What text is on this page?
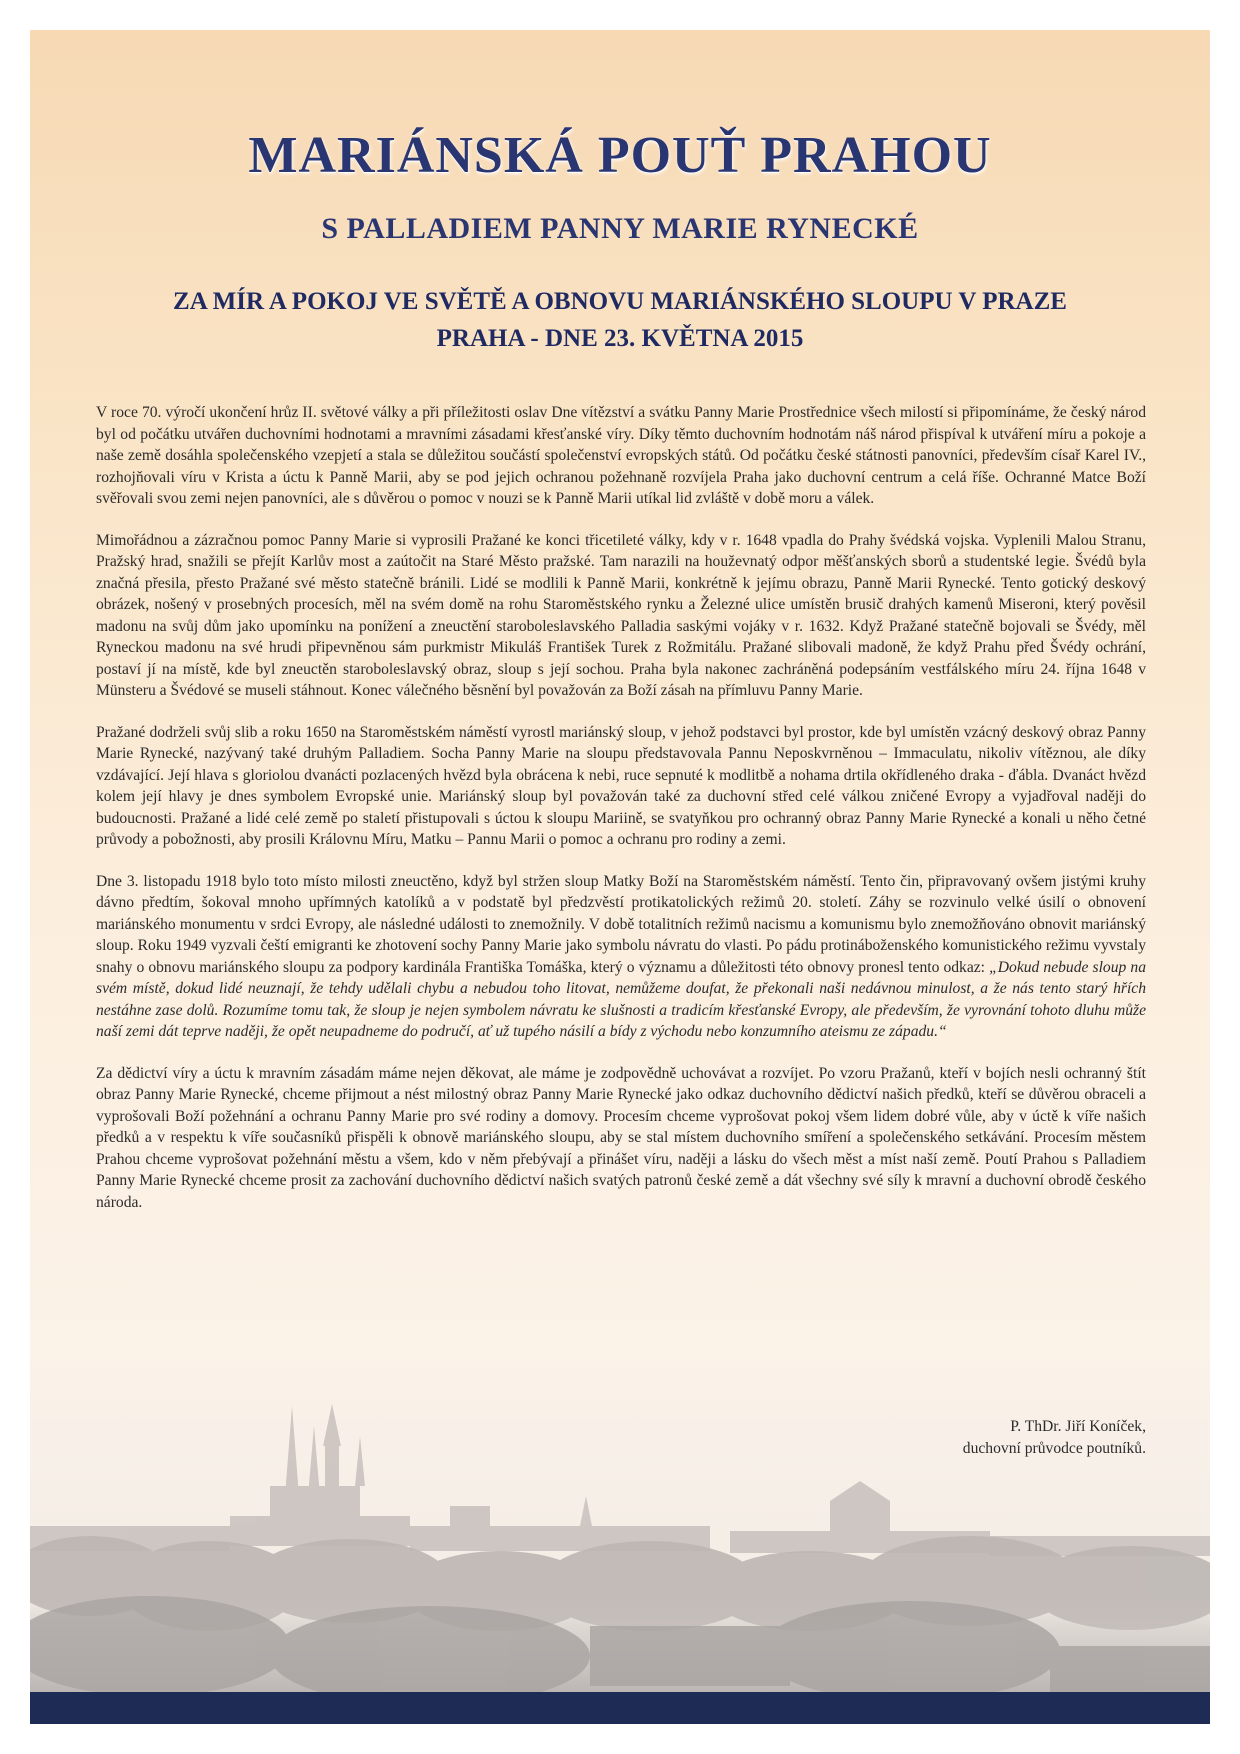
MARIÁNSKÁ POUŤ PRAHOU
S PALLADIEM PANNY MARIE RYNECKÉ
ZA MÍR A POKOJ VE SVĚTĚ A OBNOVU MARIÁNSKÉHO SLOUPU V PRAZE
PRAHA - DNE 23. KVĚTNA 2015

V roce 70. výročí ukončení hrůz II. světové války a při příležitosti oslav Dne vítězství a svátku Panny Marie Prostřednice všech milostí si připomínáme, že český národ byl od počátku utvářen duchovními hodnotami a mravními zásadami křesťanské víry. Díky těmto duchovním hodnotám náš národ přispíval k utváření míru a pokoje a naše země dosáhla společenského vzepjetí a stala se důležitou součástí společenství evropských států. Od počátku české státnosti panovníci, především císař Karel IV., rozhojňovali víru v Krista a úctu k Panně Marii, aby se pod jejich ochranou požehnaně rozvíjela Praha jako duchovní centrum a celá říše. Ochranné Matce Boží svěřovali svou zemi nejen panovníci, ale s důvěrou o pomoc v nouzi se k Panně Marii utíkal lid zvláště v době moru a válek.

Mimořádnou a zázračnou pomoc Panny Marie si vyprosili Pražané ke konci třicetileté války, kdy v r. 1648 vpadla do Prahy švédská vojska. Vyplenili Malou Stranu, Pražský hrad, snažili se přejít Karlův most a zaútočit na Staré Město pražské. Tam narazili na houževnatý odpor měšťanských sborů a studentské legie. Švédů byla značná přesila, přesto Pražané své město statečně bránili. Lidé se modlili k Panně Marii, konkrétně k jejímu obrazu, Panně Marii Rynecké. Tento gotický deskový obrázek, nošený v prosebných procesích, měl na svém domě na rohu Staroměstského rynku a Železné ulice umístěn brusič drahých kamenů Miseroni, který pověsil madonu na svůj dům jako upomínku na ponížení a zneuctění staroboleslavského Palladia saskými vojáky v r. 1632. Když Pražané statečně bojovali se Švédy, měl Ryneckou madonu na své hrudi připevněnou sám purkmistr Mikuláš František Turek z Rožmitálu. Pražané slibovali madoně, že když Prahu před Švédy ochrání, postaví jí na místě, kde byl zneuctěn staroboleslavský obraz, sloup s její sochou. Praha byla nakonec zachráněná podepsáním vestfálského míru 24. října 1648 v Münsteru a Švédové se museli stáhnout. Konec válečného běsnění byl považován za Boží zásah na přímluvu Panny Marie.

Pražané dodrželi svůj slib a roku 1650 na Staroměstském náměstí vyrostl mariánský sloup, v jehož podstavci byl prostor, kde byl umístěn vzácný deskový obraz Panny Marie Rynecké, nazývaný také druhým Palladiem. Socha Panny Marie na sloupu představovala Pannu Neposkvrněnou – Immaculatu, nikoliv vítěznou, ale díky vzdávající. Její hlava s gloriolou dvanácti pozlacených hvězd byla obrácena k nebi, ruce sepnuté k modlitbě a nohama drtila okřídleného draka - ďábla. Dvanáct hvězd kolem její hlavy je dnes symbolem Evropské unie. Mariánský sloup byl považován také za duchovní střed celé válkou zničené Evropy a vyjadřoval naději do budoucnosti. Pražané a lidé celé země po staletí přistupovali s úctou k sloupu Mariině, se svatyňkou pro ochranný obraz Panny Marie Rynecké a konali u něho četné průvody a pobožnosti, aby prosili Královnu Míru, Matku – Pannu Marii o pomoc a ochranu pro rodiny a zemi.

Dne 3. listopadu 1918 bylo toto místo milosti zneuctěno, když byl stržen sloup Matky Boží na Staroměstském náměstí. Tento čin, připravovaný ovšem jistými kruhy dávno předtím, šokoval mnoho upřímných katolíků a v podstatě byl předzvěstí protikatolických režimů 20. století. Záhy se rozvinulo velké úsilí o obnovení mariánského monumentu v srdci Evropy, ale následné události to znemožnily. V době totalitních režimů nacismu a komunismu bylo znemožňováno obnovit mariánský sloup. Roku 1949 vyzvali čeští emigranti ke zhotovení sochy Panny Marie jako symbolu návratu do vlasti. Po pádu protináboženského komunistického režimu vyvstaly snahy o obnovu mariánského sloupu za podpory kardinála Františka Tomáška, který o významu a důležitosti této obnovy pronesl tento odkaz: „Dokud nebude sloup na svém místě, dokud lidé neuznají, že tehdy udělali chybu a nebudou toho litovat, nemůžeme doufat, že překonali naši nedávnou minulost, a že nás tento starý hřích nestáhne zase dolů. Rozumíme tomu tak, že sloup je nejen symbolem návratu ke slušnosti a tradicím křesťanské Evropy, ale především, že vyrovnání tohoto dluhu může naší zemi dát teprve naději, že opět neupadneme do područí, ať už tupého násilí a bídy z východu nebo konzumního ateismu ze západu.“

Za dědictví víry a úctu k mravním zásadám máme nejen děkovat, ale máme je zodpovědně uchovávat a rozvíjet. Po vzoru Pražanů, kteří v bojích nesli ochranný štít obraz Panny Marie Rynecké, chceme přijmout a nést milostný obraz Panny Marie Rynecké jako odkaz duchovního dědictví našich předků, kteří se důvěrou obraceli a vyprošovali Boží požehnání a ochranu Panny Marie pro své rodiny a domovy. Procesím chceme vyprošovat pokoj všem lidem dobré vůle, aby v úctě k víře našich předků a v respektu k víře současníků přispěli k obnově mariánského sloupu, aby se stal místem duchovního smíření a společenského setkávání. Procesím městem Prahou chceme vyprošovat požehnání městu a všem, kdo v něm přebývají a přinášet víru, naději a lásku do všech měst a míst naší země. Poutí Prahou s Palladiem Panny Marie Rynecké chceme prosit za zachování duchovního dědictví našich svatých patronů české země a dát všechny své síly k mravní a duchovní obrodě českého národa.

P. ThDr. Jiří Koníček,
duchovní průvodce poutníků.
